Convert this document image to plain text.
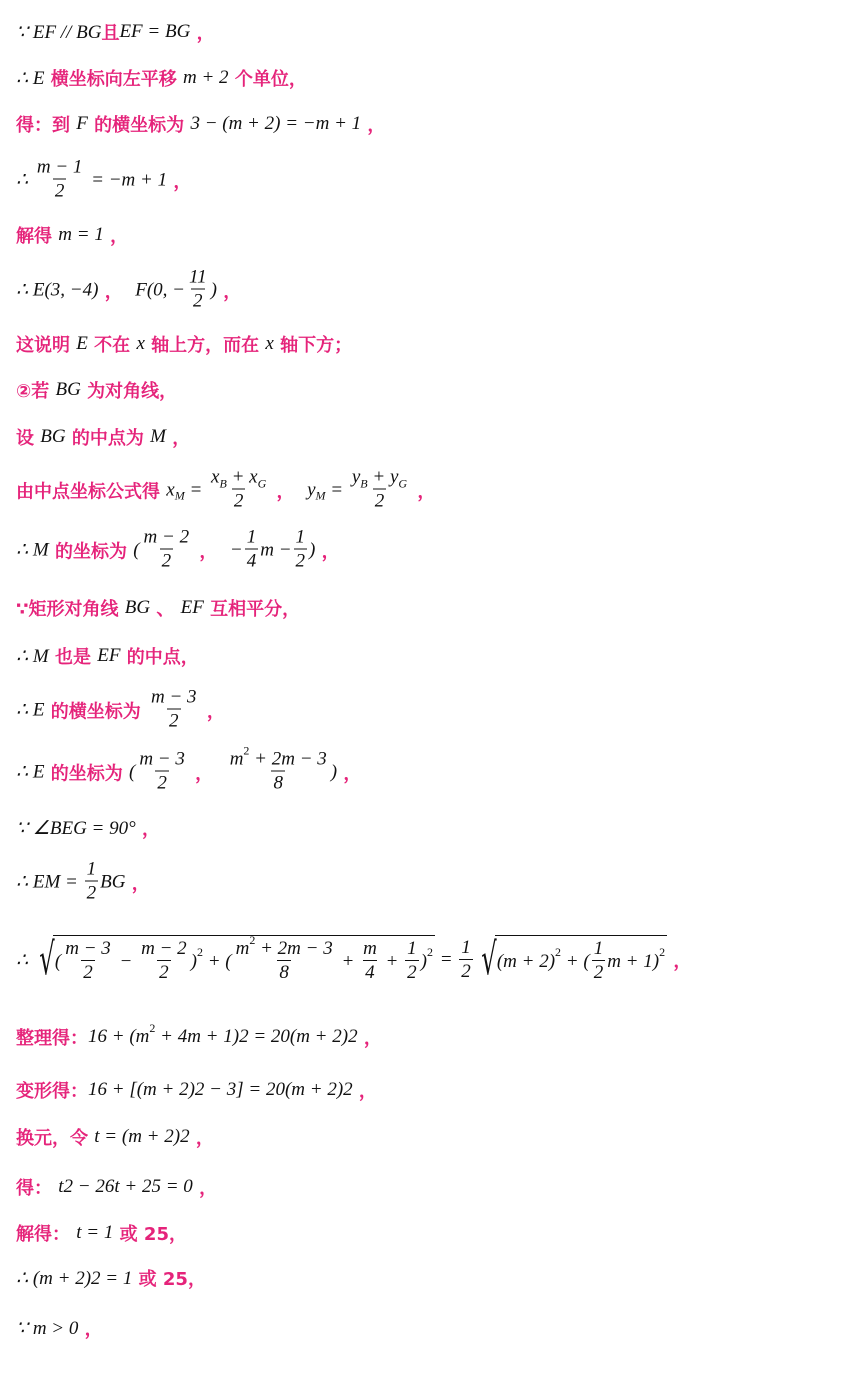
∵ EF // BG 且 EF = BG ，
∴ E 横坐标向左平移 m + 2 个单位，
得：到 F 的横坐标为 3 − (m + 2) = −m + 1 ，
∴ $\frac{m - 1}{2} = -m + 1$ ，
解得 m = 1 ，
∴ E(3, −4) ， F(0, − $\frac{11}{2}$ ) ，
这说明 E 不在 x 轴上方，而在 x 轴下方；
②若 BG 为对角线，
设 BG 的中点为 M ，
由中点坐标公式得 x $M = \frac{\text{x B + x G}}{2}$ ， y $M = \frac{\text{y B + y G}}{2}$ ，
∴ M 的坐标为 ( $\frac{m - 2}{2}$ ， − $\frac{1}{4}$ $m - \frac{1}{2}$ ) ，
∵矩形对角线 BG 、 EF 互相平分，
∴ M 也是 EF 的中点，
∴ E 的横坐标为 $\frac{m - 3}{2}$ ，
∴ E 的坐标为 ( $\frac{m - 3}{2}$ ， $\frac{m 2 + 2m - 3}{8}$ ) ，
∵ ∠BEG = 90° ，
∴ EM = $\frac{1}{2}$ BG ，
∴ √ ( $\frac{m - 3}{2} - \frac{m - 2}{2}$ ) 2 + ( $\frac{m 2 + 2m - 3}{8} + \frac{m}{4} + \frac{1}{2}$ ) $2 = \frac{1}{2}$ √ (m + 2) 2 + ( $\frac{1}{2}$ m + 1) 2 ，
整理得： 16 + (m 2 + 4m + 1)2 = 20(m + 2)2 ，
变形得： 16 + [(m + 2)2 − 3] = 20(m + 2)2 ，
换元，令 t = (m + 2)2 ，
得： t2 − 26t + 25 = 0 ，
解得： t = 1 或 25，
∴ (m + 2)2 = 1 或 25，
∵ m > 0 ，
